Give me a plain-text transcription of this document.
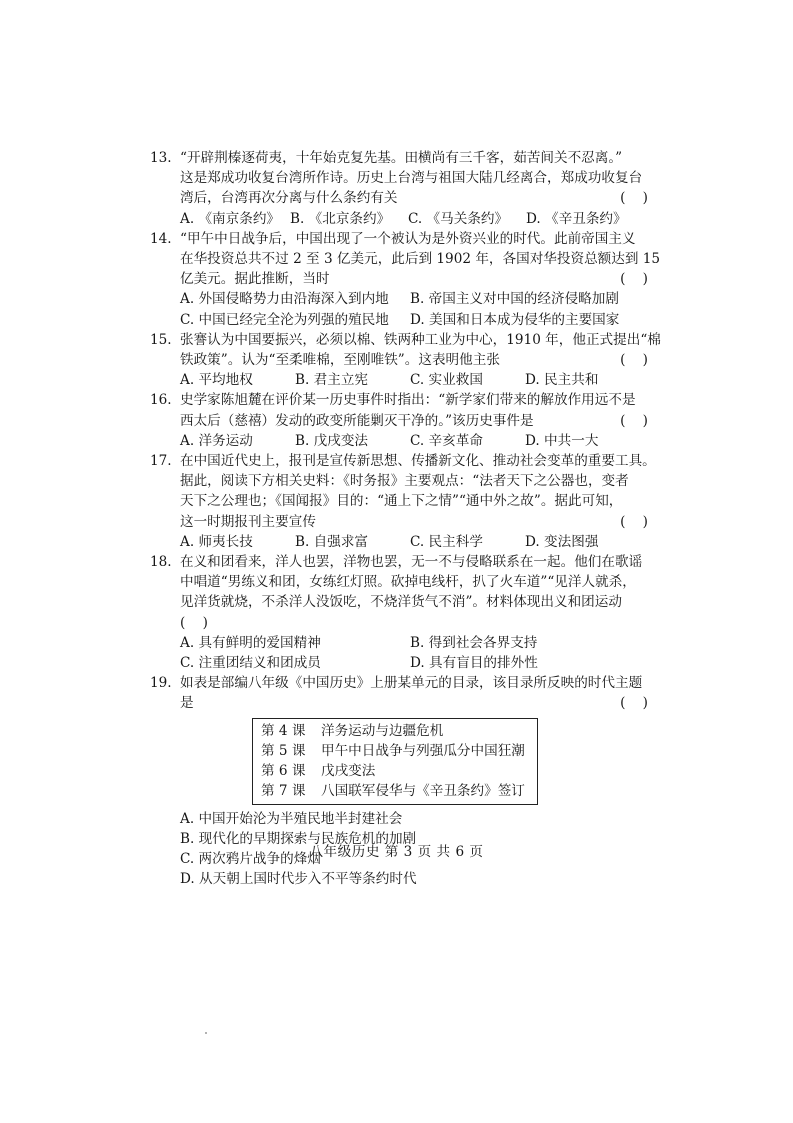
13. “开辟荆榛逐荷夷，十年始克复先基。田横尚有三千客，茹苦间关不忍离。”
这是郑成功收复台湾所作诗。历史上台湾与祖国大陆几经离合，郑成功收复台
湾后，台湾再次分离与什么条约有关	(    )
A. 《南京条约》 B. 《北京条约》	C. 《马关条约》	D. 《辛丑条约》
14. “甲午中日战争后，中国出现了一个被认为是外资兴业的时代。此前帝国主义
在华投资总共不过 2 至 3 亿美元，此后到 1902 年，各国对华投资总额达到 15
亿美元。据此推断，当时	(    )
A. 外国侵略势力由沿海深入到内地	B. 帝国主义对中国的经济侵略加剧
C. 中国已经完全沦为列强的殖民地	D. 美国和日本成为侵华的主要国家
15. 张謇认为中国要振兴，必须以棉、铁两种工业为中心，1910 年，他正式提出“棉
铁政策”。认为“至柔唯棉，至刚唯铁”。这表明他主张	(    )
A. 平均地权	B. 君主立宪	C. 实业救国	D. 民主共和
16. 史学家陈旭麓在评价某一历史事件时指出：“新学家们带来的解放作用远不是
西太后（慈禧）发动的政变所能剿灭干净的。”该历史事件是	(    )
A. 洋务运动	B. 戊戌变法	C. 辛亥革命	D. 中共一大
17. 在中国近代史上，报刊是宣传新思想、传播新文化、推动社会变革的重要工具。
据此，阅读下方相关史料：《时务报》主要观点：“法者天下之公器也，变者
天下之公理也；《国闻报》目的：“通上下之情”“通中外之故”。据此可知，
这一时期报刊主要宣传	(    )
A. 师夷长技	B. 自强求富	C. 民主科学	D. 变法图强
18. 在义和团看来，洋人也罢，洋物也罢，无一不与侵略联系在一起。他们在歌谣
中唱道“男练义和团，女练红灯照。砍掉电线杆，扒了火车道”“见洋人就杀，
见洋货就烧，不杀洋人没饭吃，不烧洋货气不消”。材料体现出义和团运动
(    )
A. 具有鲜明的爱国精神	B. 得到社会各界支持
C. 注重团结义和团成员	D. 具有盲目的排外性
19. 如表是部编八年级《中国历史》上册某单元的目录，该目录所反映的时代主题
是	(    )
第 4 课 洋务运动与边疆危机
第 5 课 甲午中日战争与列强瓜分中国狂潮
第 6 课 戊戌变法
第 7 课 八国联军侵华与《辛丑条约》签订
A. 中国开始沦为半殖民地半封建社会
B. 现代化的早期探索与民族危机的加剧
C. 两次鸦片战争的烽烟
D. 从天朝上国时代步入不平等条约时代
八年级历史 第 3 页 共 6 页
